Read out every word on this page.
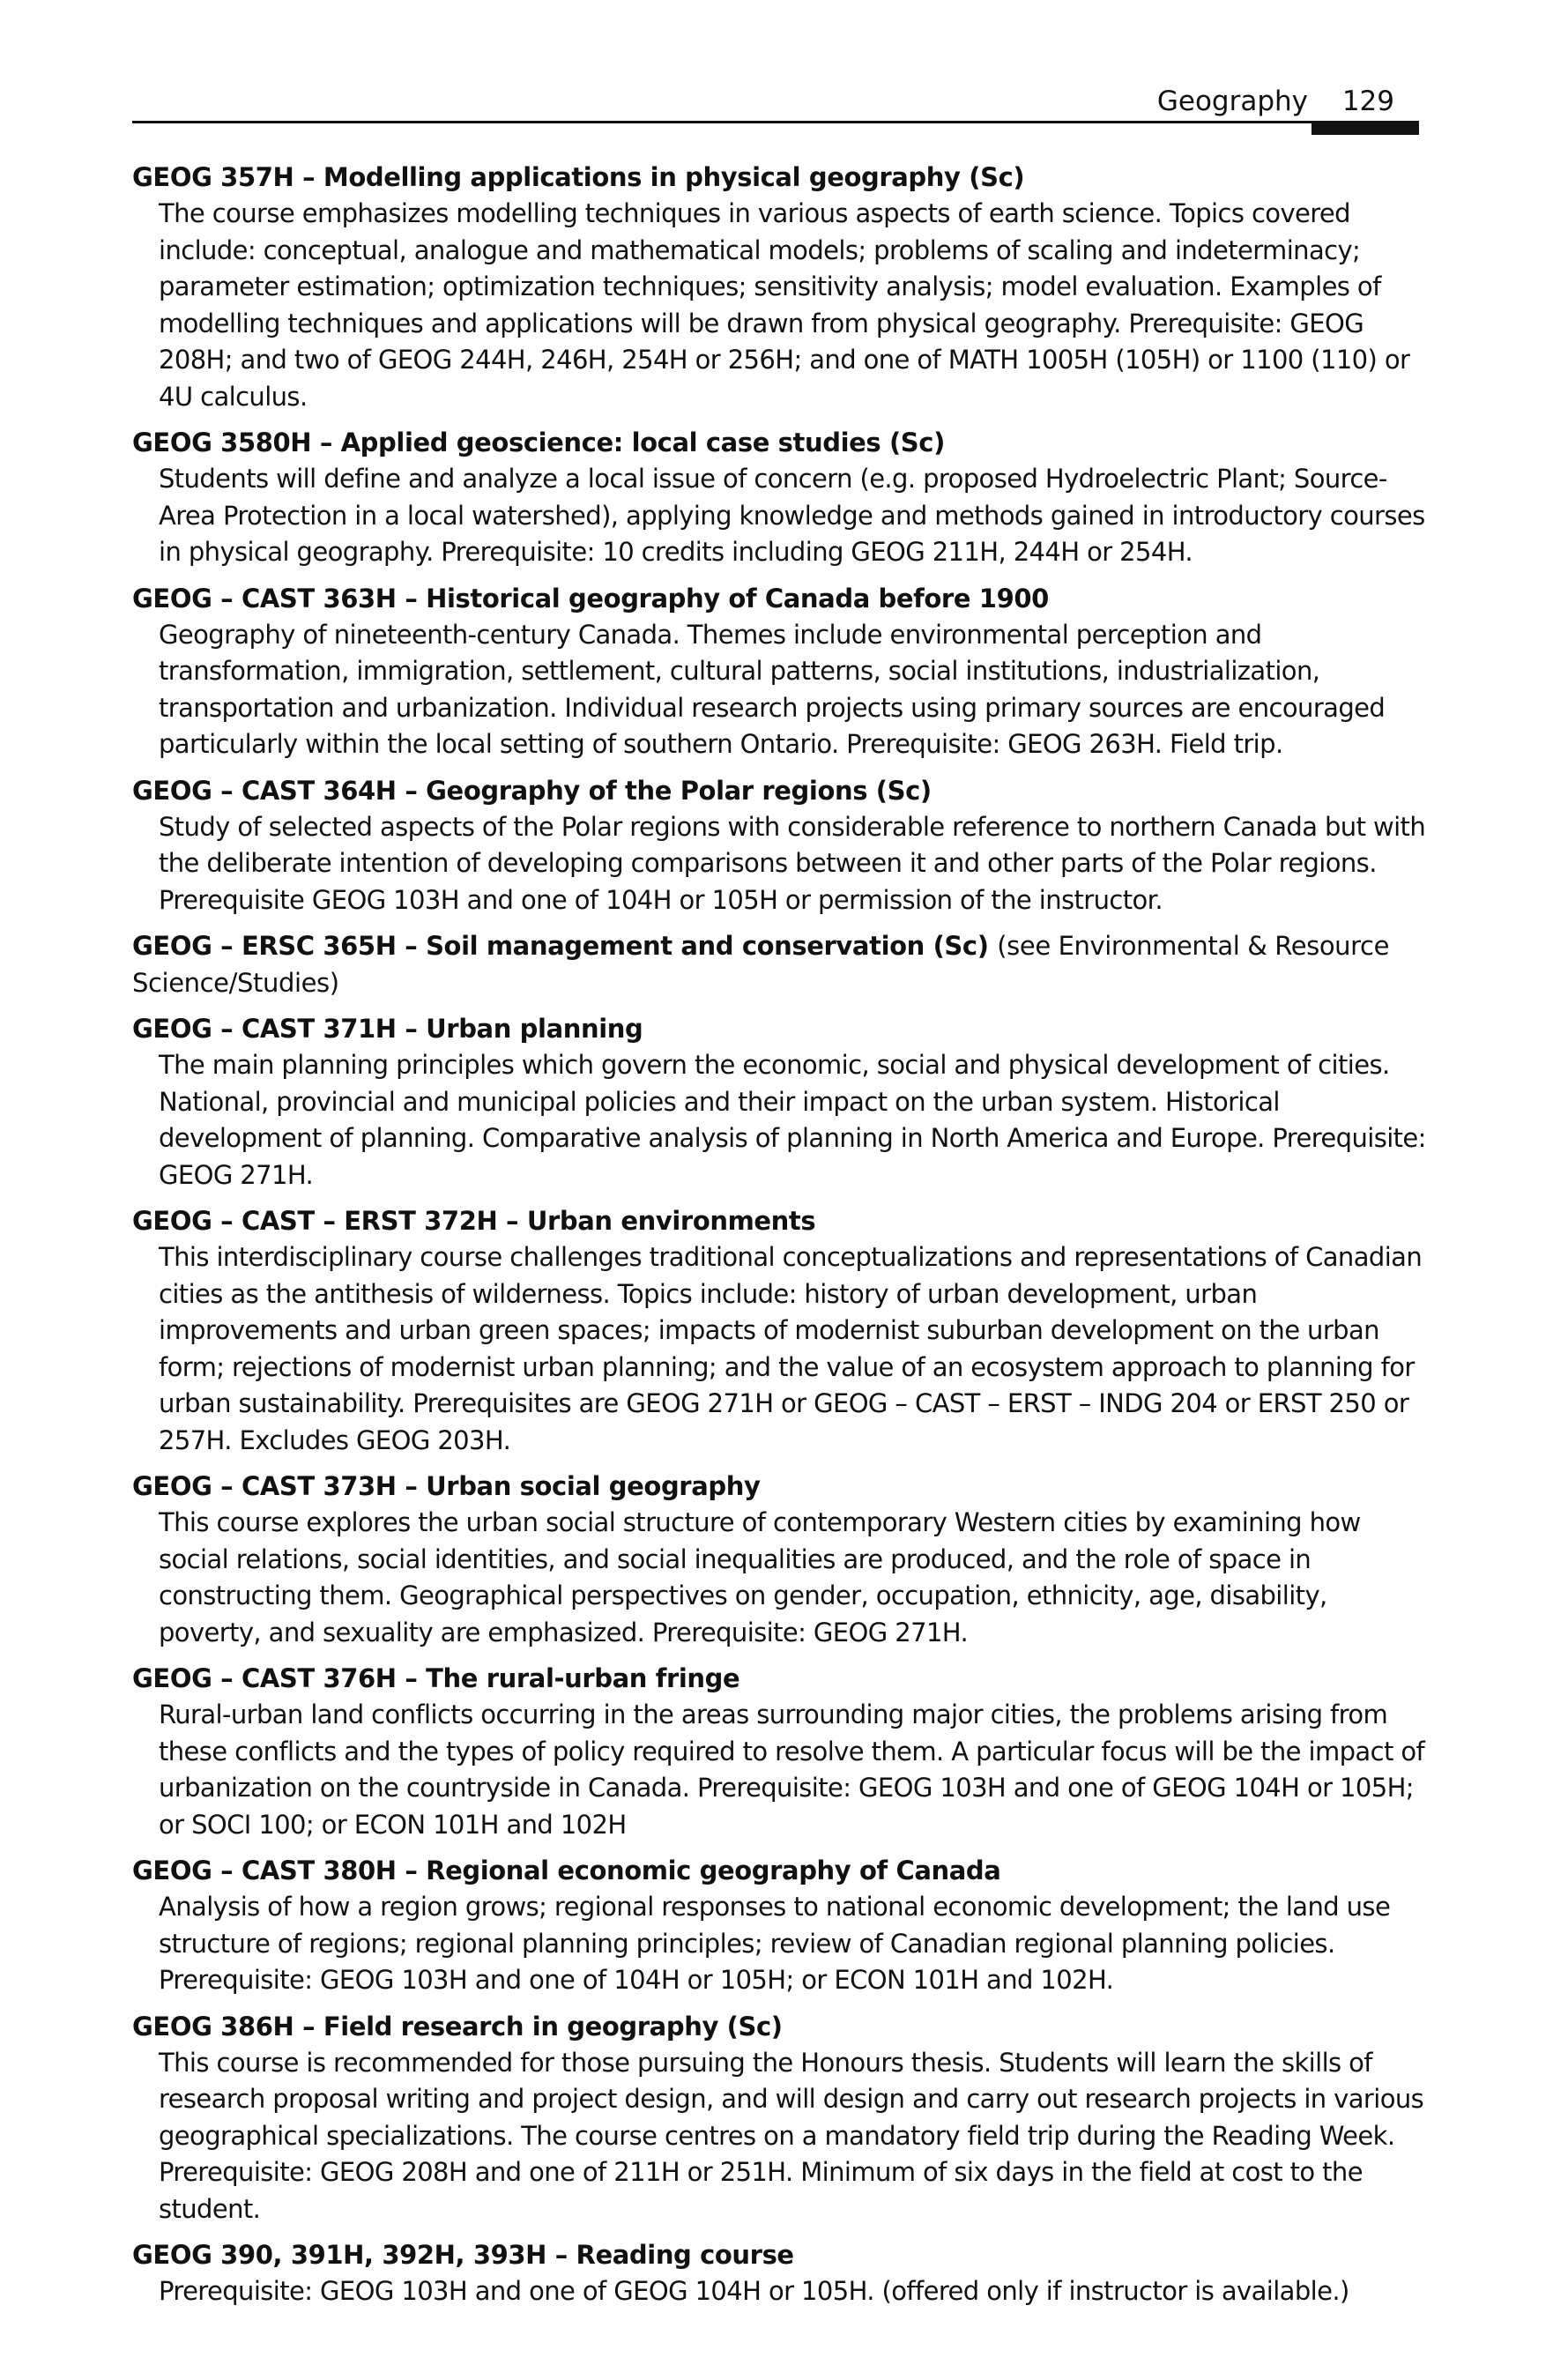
Geography 129
GEOG 357H – Modelling applications in physical geography (Sc)
The course emphasizes modelling techniques in various aspects of earth science. Topics covered include: conceptual, analogue and mathematical models; problems of scaling and indeterminacy; parameter estimation; optimization techniques; sensitivity analysis; model evaluation. Examples of modelling techniques and applications will be drawn from physical geography. Prerequisite: GEOG 208H; and two of GEOG 244H, 246H, 254H or 256H; and one of MATH 1005H (105H) or 1100 (110) or 4U calculus.
GEOG 3580H – Applied geoscience: local case studies (Sc)
Students will define and analyze a local issue of concern (e.g. proposed Hydroelectric Plant; Source-Area Protection in a local watershed), applying knowledge and methods gained in introductory courses in physical geography. Prerequisite: 10 credits including GEOG 211H, 244H or 254H.
GEOG – CAST 363H – Historical geography of Canada before 1900
Geography of nineteenth-century Canada. Themes include environmental perception and transformation, immigration, settlement, cultural patterns, social institutions, industrialization, transportation and urbanization. Individual research projects using primary sources are encouraged particularly within the local setting of southern Ontario. Prerequisite: GEOG 263H. Field trip.
GEOG – CAST 364H – Geography of the Polar regions (Sc)
Study of selected aspects of the Polar regions with considerable reference to northern Canada but with the deliberate intention of developing comparisons between it and other parts of the Polar regions. Prerequisite GEOG 103H and one of 104H or 105H or permission of the instructor.
GEOG – ERSC 365H – Soil management and conservation (Sc) (see Environmental & Resource Science/Studies)
GEOG – CAST 371H – Urban planning
The main planning principles which govern the economic, social and physical development of cities. National, provincial and municipal policies and their impact on the urban system. Historical development of planning. Comparative analysis of planning in North America and Europe. Prerequisite: GEOG 271H.
GEOG – CAST – ERST 372H – Urban environments
This interdisciplinary course challenges traditional conceptualizations and representations of Canadian cities as the antithesis of wilderness. Topics include: history of urban development, urban improvements and urban green spaces; impacts of modernist suburban development on the urban form; rejections of modernist urban planning; and the value of an ecosystem approach to planning for urban sustainability. Prerequisites are GEOG 271H or GEOG – CAST – ERST – INDG 204 or ERST 250 or 257H. Excludes GEOG 203H.
GEOG – CAST 373H – Urban social geography
This course explores the urban social structure of contemporary Western cities by examining how social relations, social identities, and social inequalities are produced, and the role of space in constructing them. Geographical perspectives on gender, occupation, ethnicity, age, disability, poverty, and sexuality are emphasized. Prerequisite: GEOG 271H.
GEOG – CAST 376H – The rural-urban fringe
Rural-urban land conflicts occurring in the areas surrounding major cities, the problems arising from these conflicts and the types of policy required to resolve them. A particular focus will be the impact of urbanization on the countryside in Canada. Prerequisite: GEOG 103H and one of GEOG 104H or 105H; or SOCI 100; or ECON 101H and 102H
GEOG – CAST 380H – Regional economic geography of Canada
Analysis of how a region grows; regional responses to national economic development; the land use structure of regions; regional planning principles; review of Canadian regional planning policies. Prerequisite: GEOG 103H and one of 104H or 105H; or ECON 101H and 102H.
GEOG 386H – Field research in geography (Sc)
This course is recommended for those pursuing the Honours thesis. Students will learn the skills of research proposal writing and project design, and will design and carry out research projects in various geographical specializations. The course centres on a mandatory field trip during the Reading Week. Prerequisite: GEOG 208H and one of 211H or 251H. Minimum of six days in the field at cost to the student.
GEOG 390, 391H, 392H, 393H – Reading course
Prerequisite: GEOG 103H and one of GEOG 104H or 105H. (offered only if instructor is available.)
